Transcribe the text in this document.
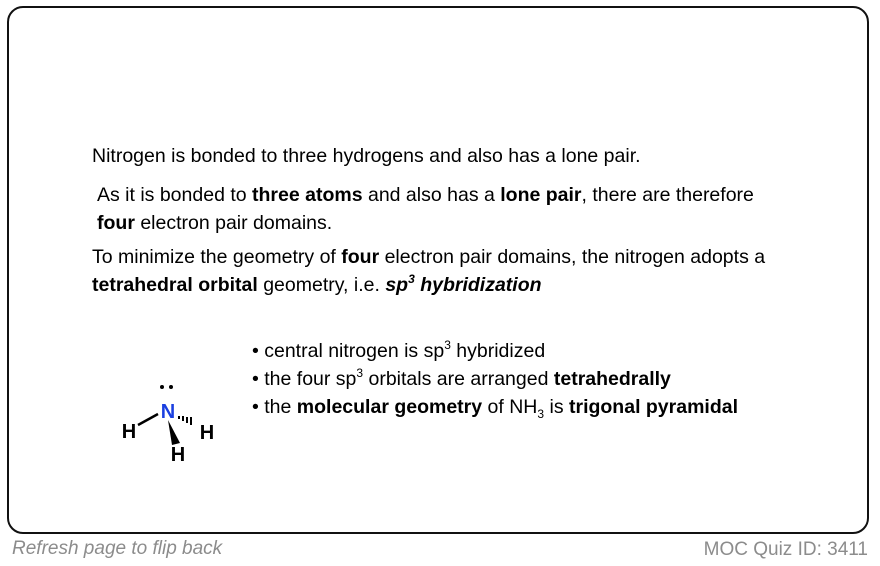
Nitrogen is bonded to three hydrogens and also has a lone pair.

As it is bonded to three atoms and also has a lone pair, there are therefore
four electron pair domains.

To minimize the geometry of four electron pair domains, the nitrogen adopts a tetrahedral orbital geometry, i.e. $sp^3$ hybridization

• central nitrogen is $sp^3$ hybridized
• the four $sp^3$ orbitals are arranged tetrahedrally
• the molecular geometry of $NH_3$ is trigonal pyramidal
N
H	H
H
Refresh page to flip back	MOC Quiz ID: 3411
